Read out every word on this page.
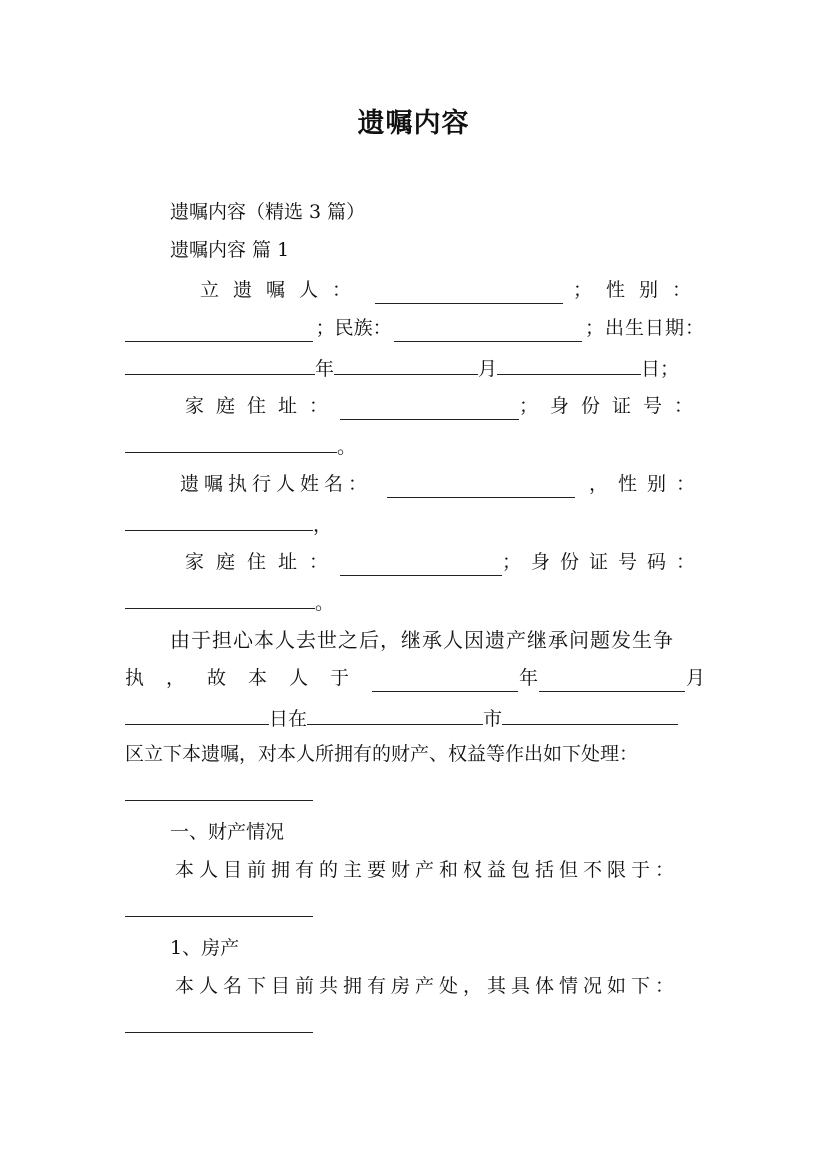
遗嘱内容
遗嘱内容（精选 3 篇）
遗嘱内容 篇 1
立遗嘱人：	；性别：
；民族：	；出生日期：
年	月	日；
家庭住址：	；身份证号：
。
遗嘱执行人姓名：	，性别：
，
家庭住址：	；身份证号码：
。
由于担心本人去世之后，继承人因遗产继承问题发生争
执，故本人于	年	月
日在	市
区立下本遗嘱，对本人所拥有的财产、权益等作出如下处理：
一、财产情况
本人目前拥有的主要财产和权益包括但不限于：
1、房产
本人名下目前共拥有房产处，其具体情况如下：
